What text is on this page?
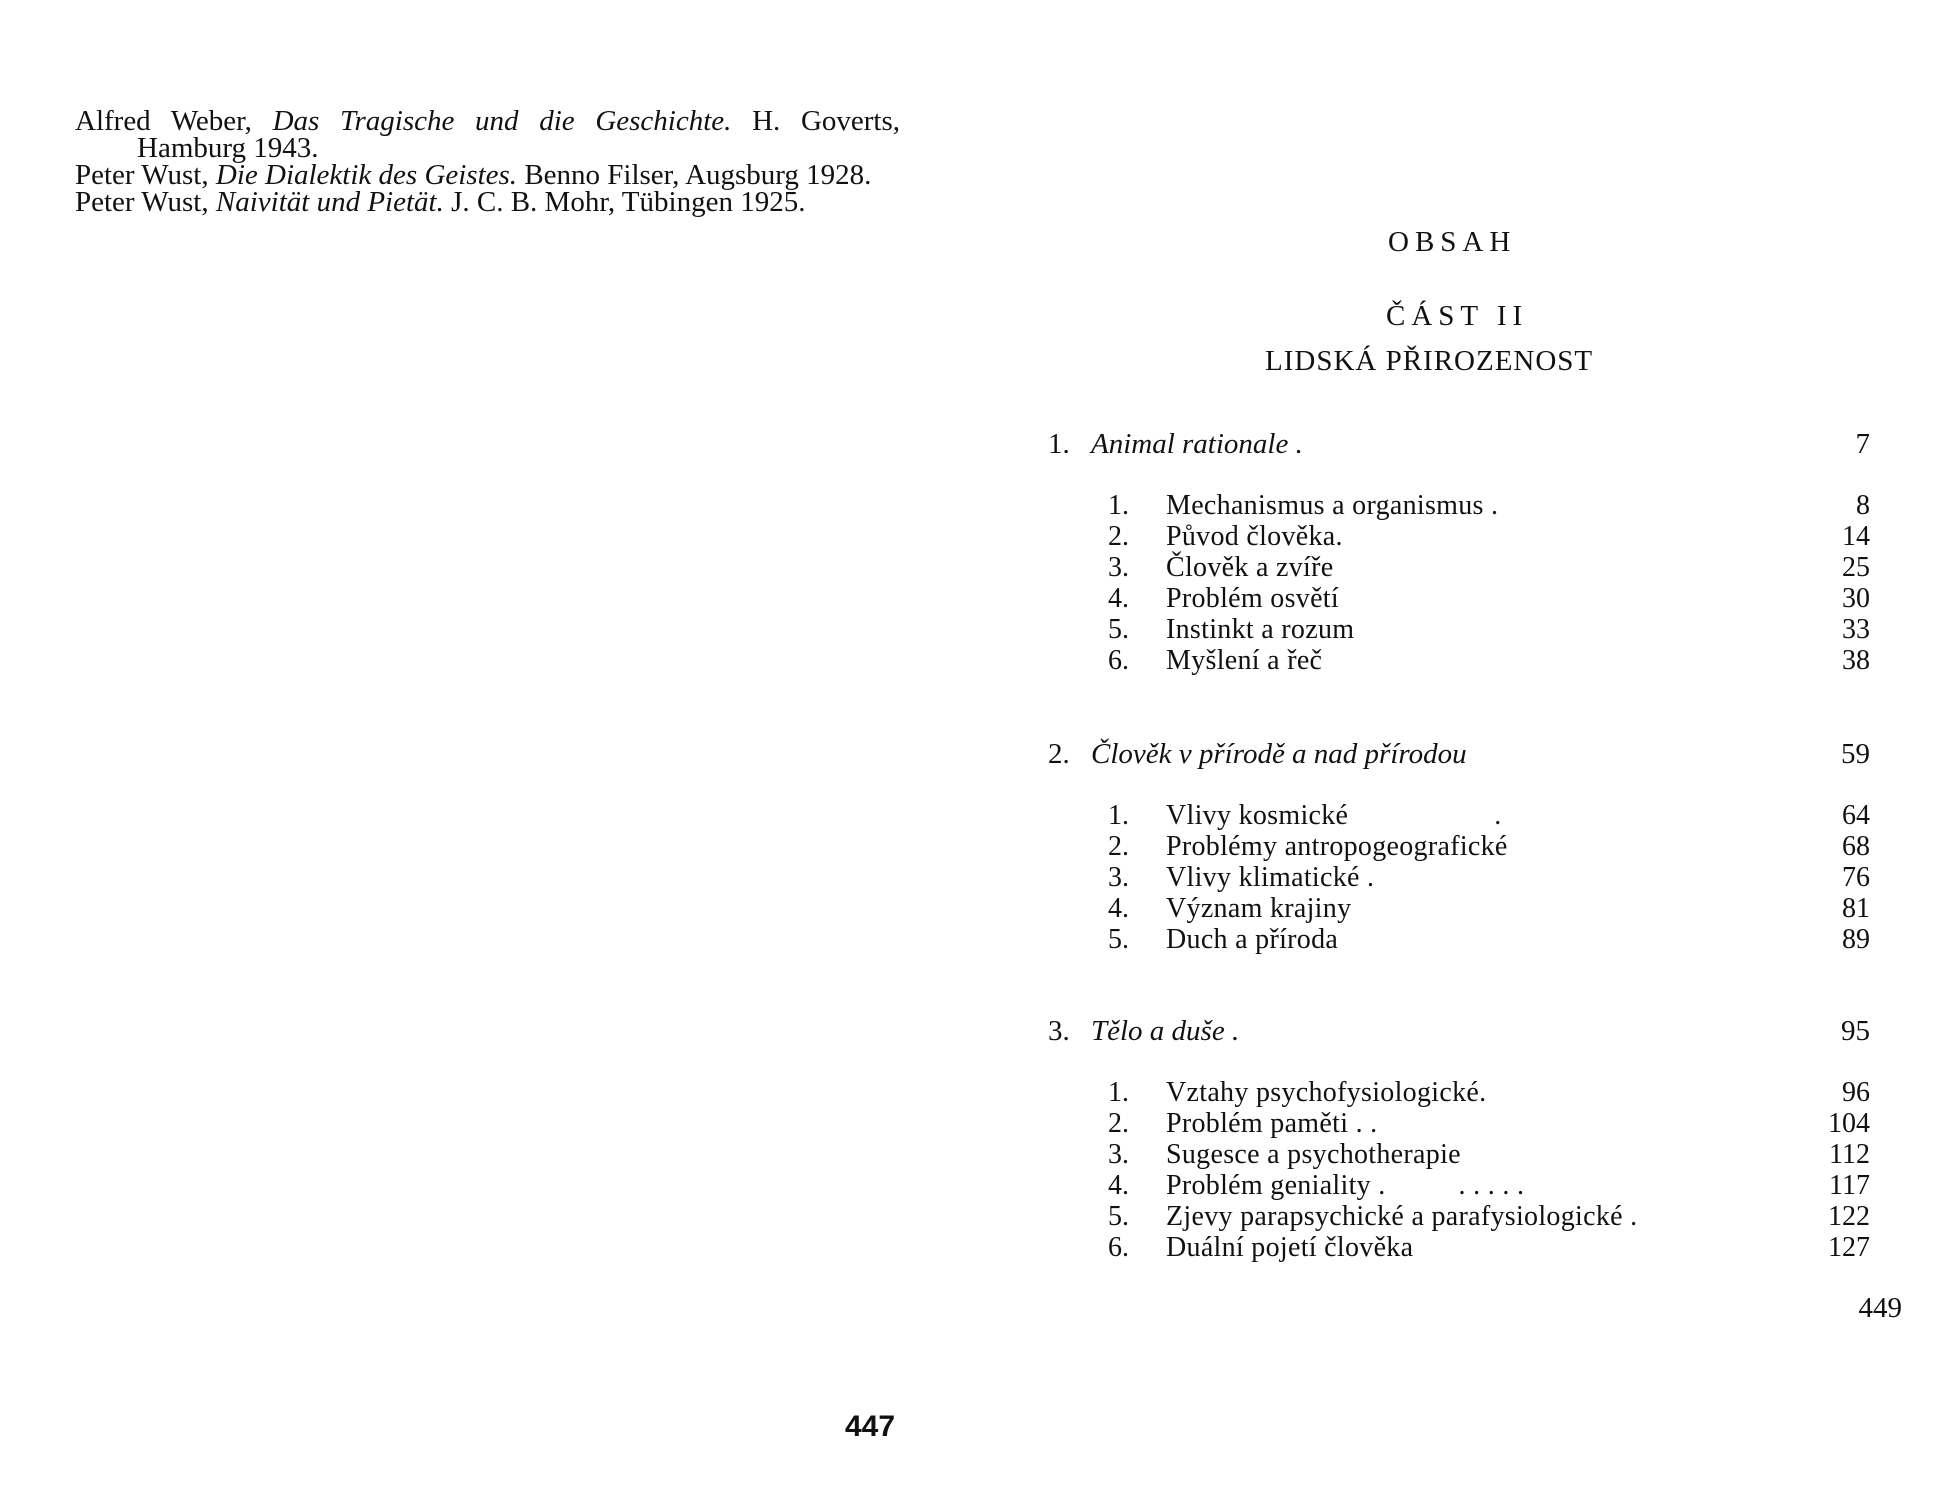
Alfred Weber, Das Tragische und die Geschichte. H. Goverts, Hamburg 1943.

Peter Wust, Die Dialektik des Geistes. Benno Filser, Augsburg 1928.

Peter Wust, Naivität und Pietät. J. C. B. Mohr, Tübingen 1925.

447
OBSAH
ČÁST II
LIDSKÁ PŘIROZENOST
1. Animal rationale .	7
1. Mechanismus a organismus .	8
2. Původ člověka.	14
3. Člověk a zvíře	25
4. Problém osvětí	30
5. Instinkt a rozum	33
6. Myšlení a řeč	38
2. Člověk v přírodě a nad přírodou	59
1. Vlivy kosmické                    .	64
2. Problémy antropogeografické	68
3. Vlivy klimatické .	76
4. Význam krajiny	81
5. Duch a příroda	89
3. Tělo a duše .	95
1. Vztahy psychofysiologické.	96
2. Problém paměti . .	104
3. Sugesce a psychotherapie	112
4. Problém geniality .          . . . . .	117
5. Zjevy parapsychické a parafysiologické .	122
6. Duální pojetí člověka	127
449
